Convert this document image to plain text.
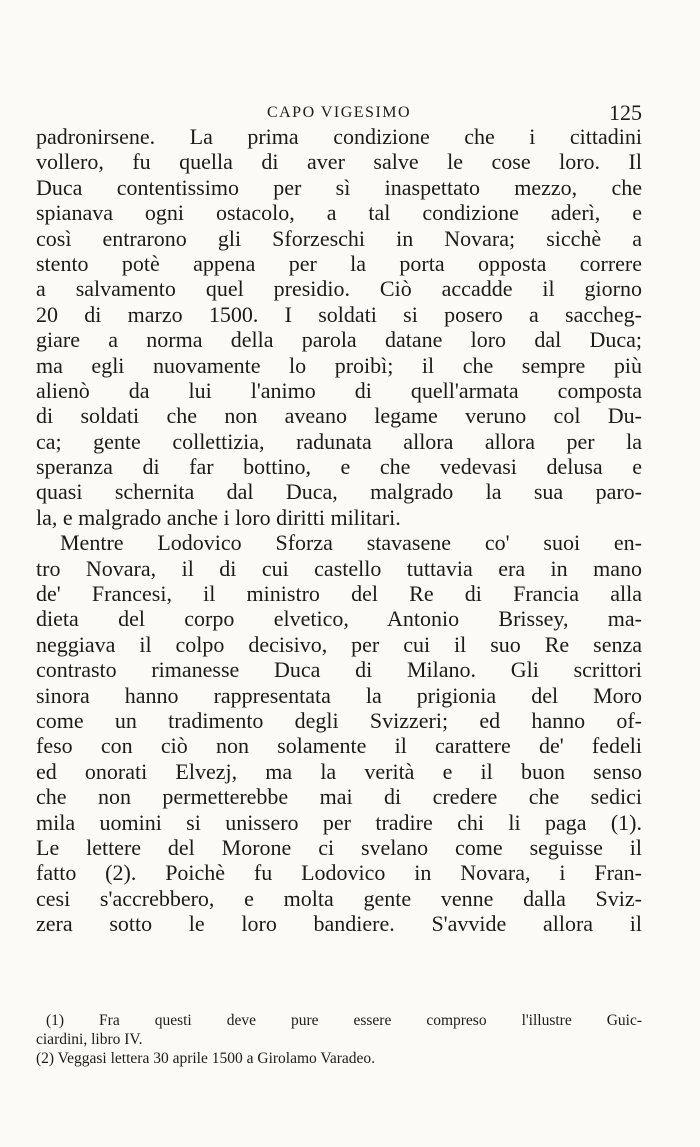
CAPO VIGESIMO	125
padronirsene. La prima condizione che i cittadini
vollero, fu quella di aver salve le cose loro. Il
Duca contentissimo per sì inaspettato mezzo, che
spianava ogni ostacolo, a tal condizione aderì, e
così entrarono gli Sforzeschi in Novara; sicchè a
stento potè appena per la porta opposta correre
a salvamento quel presidio. Ciò accadde il giorno
20 di marzo 1500. I soldati si posero a saccheg-
giare a norma della parola datane loro dal Duca;
ma egli nuovamente lo proibì; il che sempre più
alienò da lui l'animo di quell'armata composta
di soldati che non aveano legame veruno col Du-
ca; gente collettizia, radunata allora allora per la
speranza di far bottino, e che vedevasi delusa e
quasi schernita dal Duca, malgrado la sua paro-
la, e malgrado anche i loro diritti militari.
Mentre Lodovico Sforza stavasene co' suoi en-
tro Novara, il di cui castello tuttavia era in mano
de' Francesi, il ministro del Re di Francia alla
dieta del corpo elvetico, Antonio Brissey, ma-
neggiava il colpo decisivo, per cui il suo Re senza
contrasto rimanesse Duca di Milano. Gli scrittori
sinora hanno rappresentata la prigionia del Moro
come un tradimento degli Svizzeri; ed hanno of-
feso con ciò non solamente il carattere de' fedeli
ed onorati Elvezj, ma la verità e il buon senso
che non permetterebbe mai di credere che sedici
mila uomini si unissero per tradire chi li paga (1).
Le lettere del Morone ci svelano come seguisse il
fatto (2). Poichè fu Lodovico in Novara, i Fran-
cesi s'accrebbero, e molta gente venne dalla Sviz-
zera sotto le loro bandiere. S'avvide allora il
(1) Fra questi deve pure essere compreso l'illustre Guic-
ciardini, libro IV.
(2) Veggasi lettera 30 aprile 1500 a Girolamo Varadeo.
